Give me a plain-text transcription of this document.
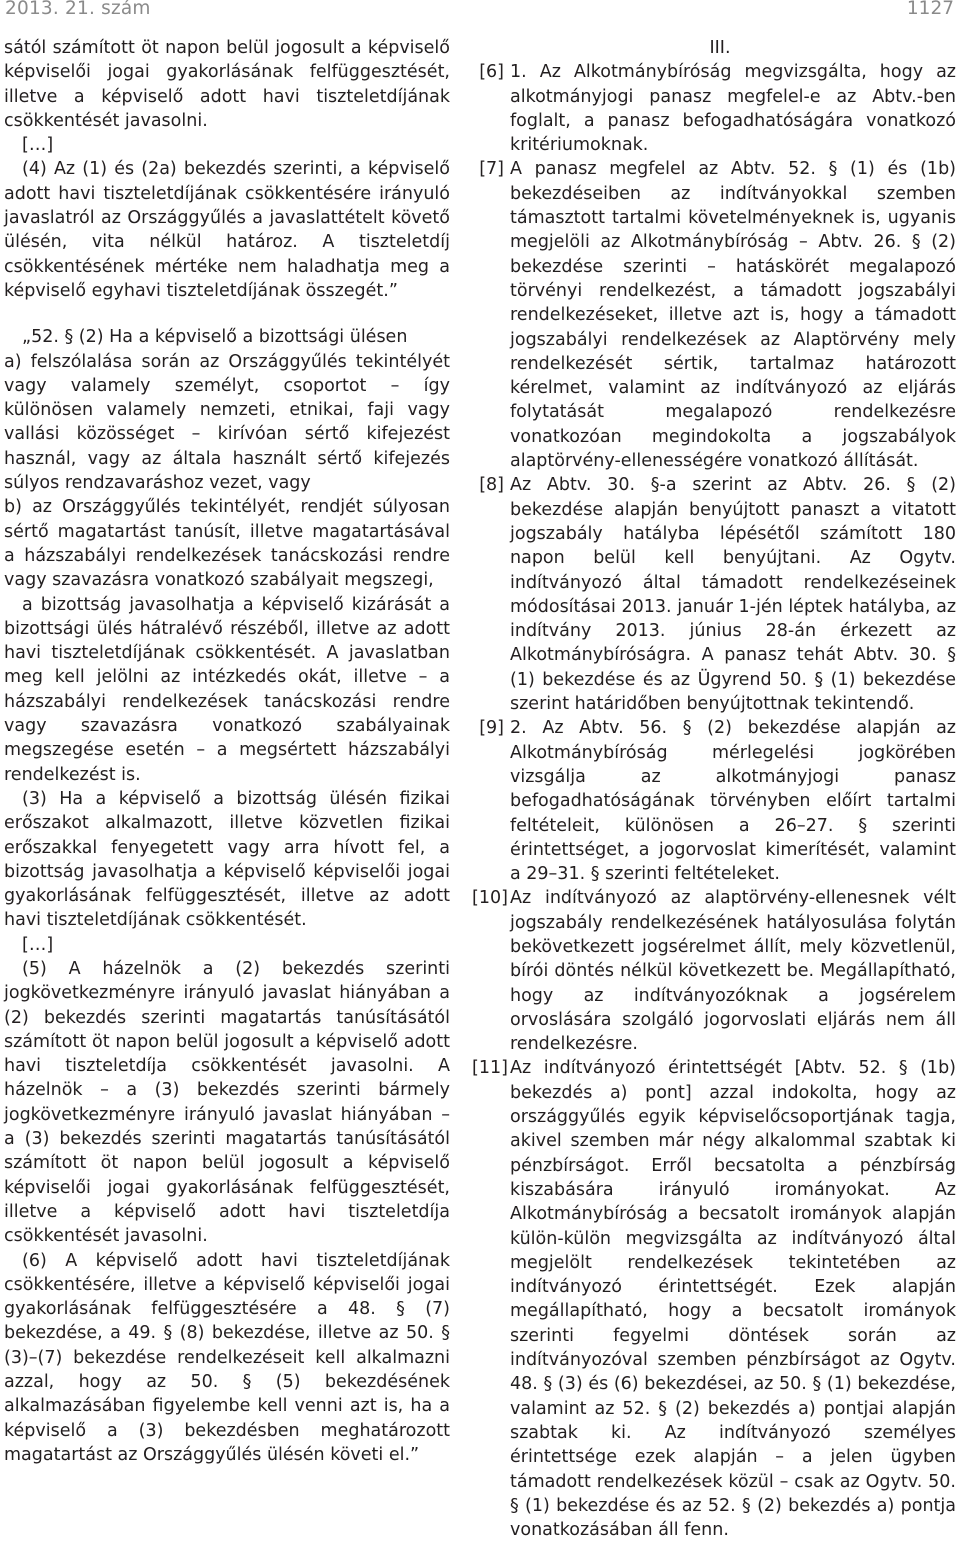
2013. 21. szám	1127

sától számított öt napon belül jogosult a képviselő képviselői jogai gyakorlásának felfüggesztését, illetve a képviselő adott havi tiszteletdíjának csökkentését javasolni.

[…]

(4) Az (1) és (2a) bekezdés szerinti, a képviselő adott havi tiszteletdíjának csökkentésére irányuló javaslatról az Országgyűlés a javaslattételt követő ülésén, vita nélkül határoz. A tiszteletdíj csökkentésének mértéke nem haladhatja meg a képviselő egyhavi tiszteletdíjának összegét.”

„52. § (2) Ha a képviselő a bizottsági ülésen

a) felszólalása során az Országgyűlés tekintélyét vagy valamely személyt, csoportot – így különösen valamely nemzeti, etnikai, faji vagy vallási közösséget – kirívóan sértő kifejezést használ, vagy az általa használt sértő kifejezés súlyos rendzavaráshoz vezet, vagy

b) az Országgyűlés tekintélyét, rendjét súlyosan sértő magatartást tanúsít, illetve magatartásával a házszabályi rendelkezések tanácskozási rendre vagy szavazásra vonatkozó szabályait megszegi,

a bizottság javasolhatja a képviselő kizárását a bizottsági ülés hátralévő részéből, illetve az adott havi tiszteletdíjának csökkentését. A javaslatban meg kell jelölni az intézkedés okát, illetve – a házszabályi rendelkezések tanácskozási rendre vagy szavazásra vonatkozó szabályainak megszegése esetén – a megsértett házszabályi rendelkezést is.

(3) Ha a képviselő a bizottság ülésén fizikai erőszakot alkalmazott, illetve közvetlen fizikai erőszakkal fenyegetett vagy arra hívott fel, a bizottság javasolhatja a képviselő képviselői jogai gyakorlásának felfüggesztését, illetve az adott havi tiszteletdíjának csökkentését.

[…]

(5) A házelnök a (2) bekezdés szerinti jogkövetkezményre irányuló javaslat hiányában a (2) bekezdés szerinti magatartás tanúsításától számított öt napon belül jogosult a képviselő adott havi tiszteletdíja csökkentését javasolni. A házelnök – a (3) bekezdés szerinti bármely jogkövetkezményre irányuló javaslat hiányában – a (3) bekezdés szerinti magatartás tanúsításától számított öt napon belül jogosult a képviselő képviselői jogai gyakorlásának felfüggesztését, illetve a képviselő adott havi tiszteletdíja csökkentését javasolni.

(6) A képviselő adott havi tiszteletdíjának csökkentésére, illetve a képviselő képviselői jogai gyakorlásának felfüggesztésére a 48. § (7) bekezdése, a 49. § (8) bekezdése, illetve az 50. § (3)–(7) bekezdése rendelkezéseit kell alkalmazni azzal, hogy az 50. § (5) bekezdésének alkalmazásában figyelembe kell venni azt is, ha a képviselő a (3) bekezdésben meghatározott magatartást az Országgyűlés ülésén követi el.”

III.

[6] 1. Az Alkotmánybíróság megvizsgálta, hogy az alkotmányjogi panasz megfelel-e az Abtv.-ben foglalt, a panasz befogadhatóságára vonatkozó kritériumoknak.
[7] A panasz megfelel az Abtv. 52. § (1) és (1b) bekezdéseiben az indítványokkal szemben támasztott tartalmi követelményeknek is, ugyanis megjelöli az Alkotmánybíróság – Abtv. 26. § (2) bekezdése szerinti – hatáskörét megalapozó törvényi rendelkezést, a támadott jogszabályi rendelkezéseket, illetve azt is, hogy a támadott jogszabályi rendelkezések az Alaptörvény mely rendelkezését sértik, tartalmaz határozott kérelmet, valamint az indítványozó az eljárás folytatását megalapozó rendelkezésre vonatkozóan megindokolta a jogszabályok alaptörvény-ellenességére vonatkozó állítását.
[8] Az Abtv. 30. §-a szerint az Abtv. 26. § (2) bekezdése alapján benyújtott panaszt a vitatott jogszabály hatályba lépésétől számított 180 napon belül kell benyújtani. Az Ogytv. indítványozó által támadott rendelkezéseinek módosításai 2013. január 1-jén léptek hatályba, az indítvány 2013. június 28-án érkezett az Alkotmánybíróságra. A panasz tehát Abtv. 30. § (1) bekezdése és az Ügyrend 50. § (1) bekezdése szerint határidőben benyújtottnak tekintendő.
[9] 2. Az Abtv. 56. § (2) bekezdése alapján az Alkotmánybíróság mérlegelési jogkörében vizsgálja az alkotmányjogi panasz befogadhatóságának törvényben előírt tartalmi feltételeit, különösen a 26–27. § szerinti érintettséget, a jogorvoslat kimerítését, valamint a 29–31. § szerinti feltételeket.
[10] Az indítványozó az alaptörvény-ellenesnek vélt jogszabály rendelkezésének hatályosulása folytán bekövetkezett jogsérelmet állít, mely közvetlenül, bírói döntés nélkül következett be. Megállapítható, hogy az indítványozóknak a jogsérelem orvoslására szolgáló jogorvoslati eljárás nem áll rendelkezésre.
[11] Az indítványozó érintettségét [Abtv. 52. § (1b) bekezdés a) pont] azzal indokolta, hogy az országgyűlés egyik képviselőcsoportjának tagja, akivel szemben már négy alkalommal szabtak ki pénzbírságot. Erről becsatolta a pénzbírság kiszabására irányuló irományokat. Az Alkotmánybíróság a becsatolt irományok alapján külön-külön megvizsgálta az indítványozó által megjelölt rendelkezések tekintetében az indítványozó érintettségét. Ezek alapján megállapítható, hogy a becsatolt irományok szerinti fegyelmi döntések során az indítványozóval szemben pénzbírságot az Ogytv. 48. § (3) és (6) bekezdései, az 50. § (1) bekezdése, valamint az 52. § (2) bekezdés a) pontjai alapján szabtak ki. Az indítványozó személyes érintettsége ezek alapján – a jelen ügyben támadott rendelkezések közül – csak az Ogytv. 50. § (1) bekezdése és az 52. § (2) bekezdés a) pontja vonatkozásában áll fenn.
